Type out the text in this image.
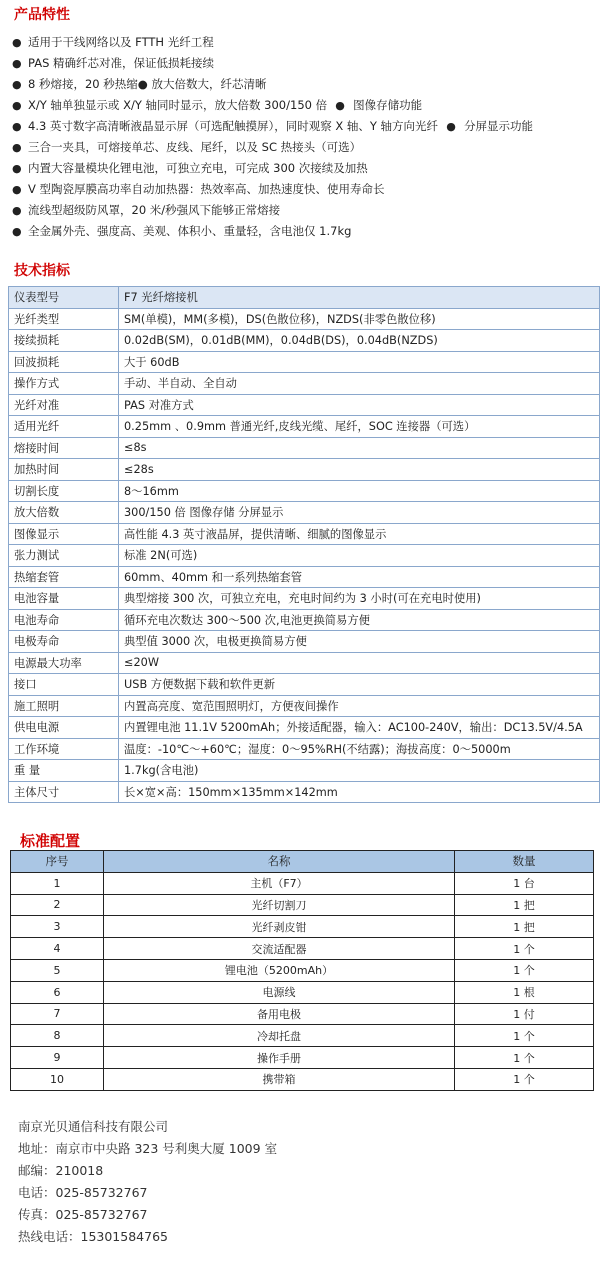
产品特性
● 适用于干线网络以及 FTTH 光纤工程
● PAS 精确纤芯对准，保证低损耗接续
● 8 秒熔接，20 秒热缩● 放大倍数大，纤芯清晰
● X/Y 轴单独显示或 X/Y 轴同时显示，放大倍数 300/150 倍 ● 图像存储功能
● 4.3 英寸数字高清晰液晶显示屏（可选配触摸屏），同时观察 X 轴、Y 轴方向光纤 ● 分屏显示功能
● 三合一夹具，可熔接单芯、皮线、尾纤，以及 SC 热接头（可选）
● 内置大容量模块化锂电池，可独立充电，可完成 300 次接续及加热
● V 型陶瓷厚膜高功率自动加热器：热效率高、加热速度快、使用寿命长
● 流线型超级防风罩，20 米/秒强风下能够正常熔接
● 全金属外壳、强度高、美观、体积小、重量轻，含电池仅 1.7kg
技术指标
仪表型号	F7 光纤熔接机
光纤类型	SM(单模)，MM(多模)，DS(色散位移)，NZDS(非零色散位移)
接续损耗	0.02dB(SM)，0.01dB(MM)，0.04dB(DS)，0.04dB(NZDS)
回波损耗	大于 60dB
操作方式	手动、半自动、全自动
光纤对准	PAS 对准方式
适用光纤	0.25mm 、0.9mm 普通光纤,皮线光缆、尾纤，SOC 连接器（可选）
熔接时间	≤8s
加热时间	≤28s
切割长度	8～16mm
放大倍数	300/150 倍 图像存储 分屏显示
图像显示	高性能 4.3 英寸液晶屏，提供清晰、细腻的图像显示
张力测试	标准 2N(可选)
热缩套管	60mm、40mm 和一系列热缩套管
电池容量	典型熔接 300 次，可独立充电，充电时间约为 3 小时(可在充电时使用)
电池寿命	循环充电次数达 300～500 次,电池更换简易方便
电极寿命	典型值 3000 次，电极更换简易方便
电源最大功率	≤20W
接口	USB 方便数据下载和软件更新
施工照明	内置高亮度、宽范围照明灯，方便夜间操作
供电电源	内置锂电池 11.1V 5200mAh；外接适配器，输入：AC100-240V，输出：DC13.5V/4.5A
工作环境	温度：-10℃～+60℃；湿度：0～95%RH(不结露)；海拔高度：0～5000m
重 量	1.7kg(含电池)
主体尺寸	长×宽×高：150mm×135mm×142mm
标准配置
序号	名称	数量
1	主机（F7）	1 台
2	光纤切割刀	1 把
3	光纤剥皮钳	1 把
4	交流适配器	1 个
5	锂电池（5200mAh）	1 个
6	电源线	1 根
7	备用电极	1 付
8	冷却托盘	1 个
9	操作手册	1 个
10	携带箱	1 个
南京光贝通信科技有限公司
地址：南京市中央路 323 号利奥大厦 1009 室
邮编：210018
电话：025-85732767
传真：025-85732767
热线电话：15301584765
